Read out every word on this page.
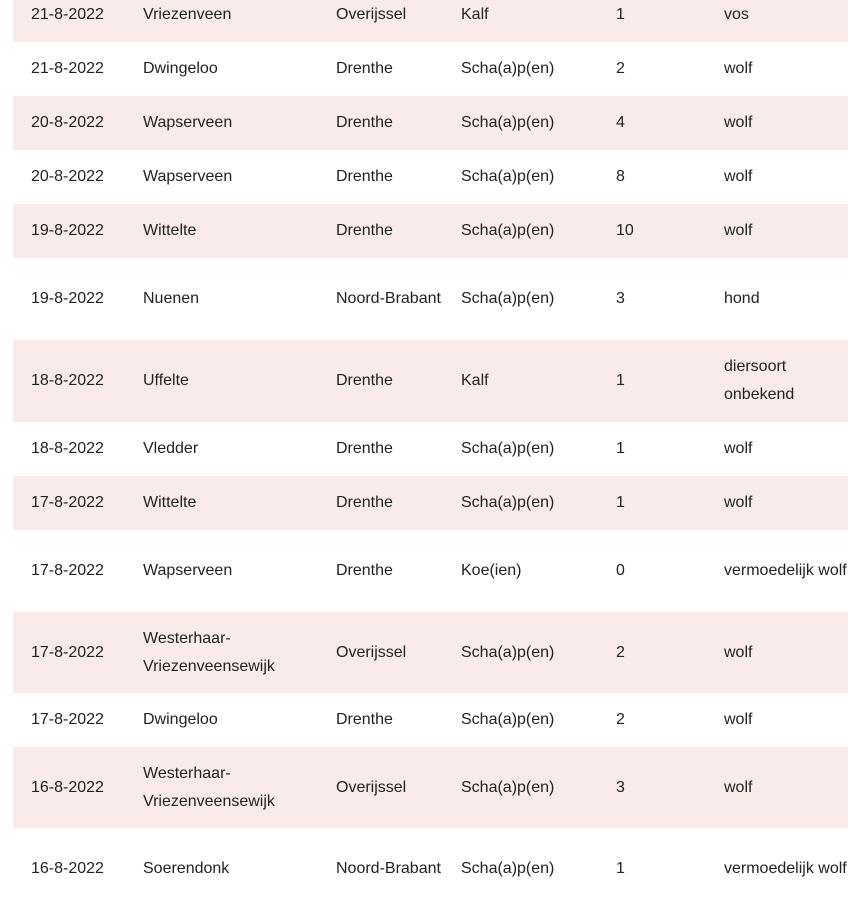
21-8-2022	Vriezenveen	Overijssel	Kalf	1	vos
21-8-2022	Dwingeloo	Drenthe	Scha(a)p(en)	2	wolf
20-8-2022	Wapserveen	Drenthe	Scha(a)p(en)	4	wolf
20-8-2022	Wapserveen	Drenthe	Scha(a)p(en)	8	wolf
19-8-2022	Wittelte	Drenthe	Scha(a)p(en)	10	wolf
19-8-2022	Nuenen	Noord-Brabant	Scha(a)p(en)	3	hond
18-8-2022	Uffelte	Drenthe	Kalf	1	diersoort onbekend
18-8-2022	Vledder	Drenthe	Scha(a)p(en)	1	wolf
17-8-2022	Wittelte	Drenthe	Scha(a)p(en)	1	wolf
17-8-2022	Wapserveen	Drenthe	Koe(ien)	0	vermoedelijk wolf
17-8-2022	Westerhaar-Vriezenveensewijk	Overijssel	Scha(a)p(en)	2	wolf
17-8-2022	Dwingeloo	Drenthe	Scha(a)p(en)	2	wolf
16-8-2022	Westerhaar-Vriezenveensewijk	Overijssel	Scha(a)p(en)	3	wolf
16-8-2022	Soerendonk	Noord-Brabant	Scha(a)p(en)	1	vermoedelijk wolf
